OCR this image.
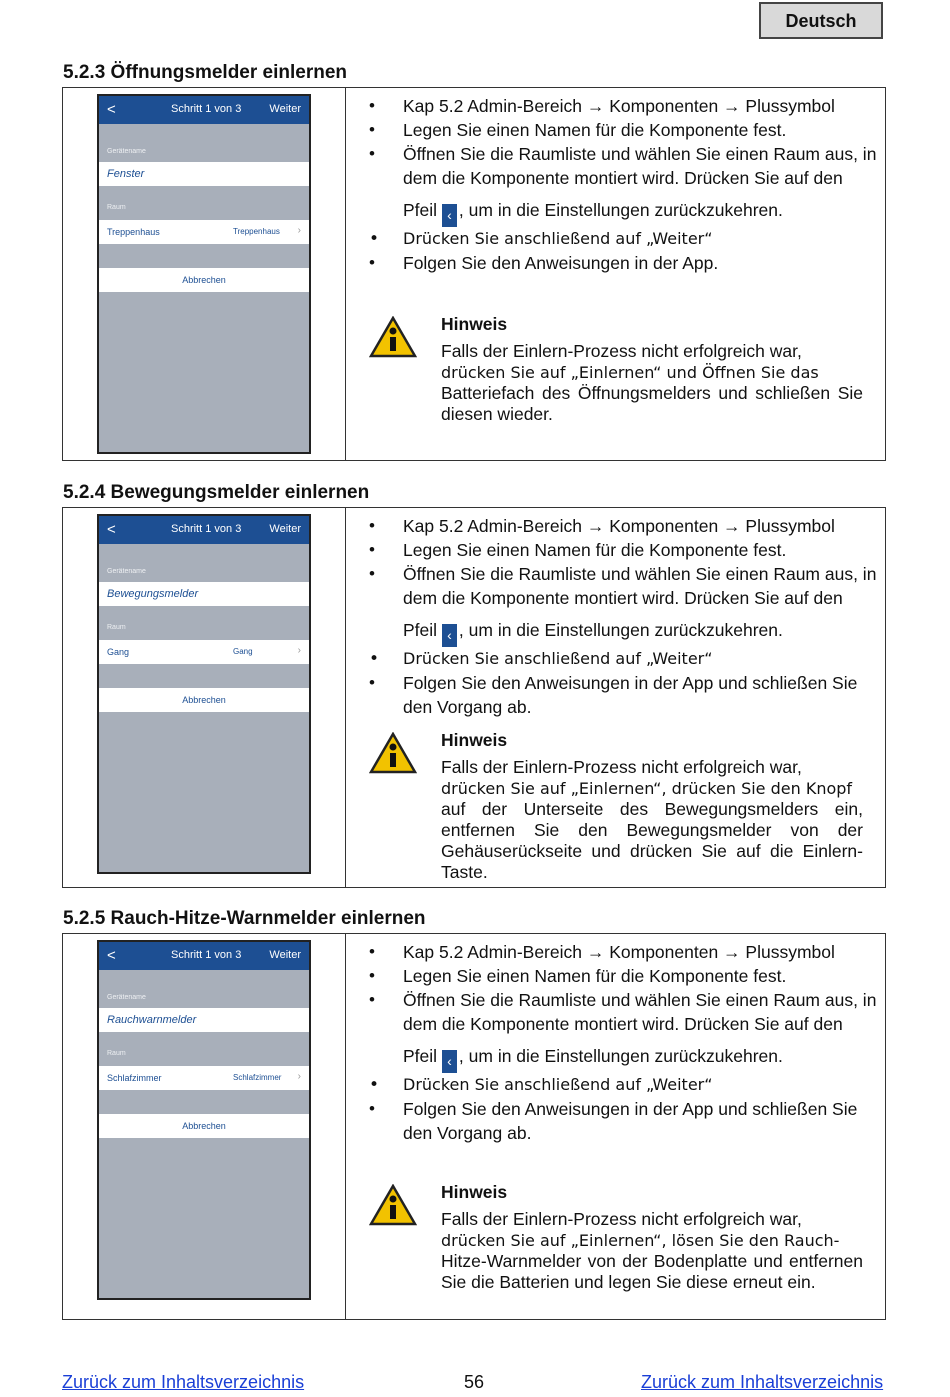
Deutsch
5.2.3 Öffnungsmelder einlernen
<	Schritt 1 von 3	Weiter
Gerätename
Fenster
Raum
Treppenhaus	Treppenhaus ›
Abbrechen
• Kap 5.2 Admin-Bereich → Komponenten → Plussymbol
• Legen Sie einen Namen für die Komponente fest.
• Öffnen Sie die Raumliste und wählen Sie einen Raum aus, in dem die Komponente montiert wird. Drücken Sie auf den
Pfeil ‹ , um in die Einstellungen zurückzukehren.
• Drücken Sie anschließend auf „Weiter“
• Folgen Sie den Anweisungen in der App.
Hinweis
Falls der Einlern-Prozess nicht erfolgreich war,
drücken Sie auf „Einlernen“ und Öffnen Sie das
Batteriefach des Öffnungsmelders und schließen Sie diesen wieder.
5.2.4 Bewegungsmelder einlernen
<	Schritt 1 von 3	Weiter
Gerätename
Bewegungsmelder
Raum
Gang	Gang	›
Abbrechen
• Kap 5.2 Admin-Bereich → Komponenten → Plussymbol
• Legen Sie einen Namen für die Komponente fest.
• Öffnen Sie die Raumliste und wählen Sie einen Raum aus, in dem die Komponente montiert wird. Drücken Sie auf den
Pfeil ‹ , um in die Einstellungen zurückzukehren.
• Drücken Sie anschließend auf „Weiter“
• Folgen Sie den Anweisungen in der App und schließen Sie den Vorgang ab.
Hinweis
Falls der Einlern-Prozess nicht erfolgreich war,
drücken Sie auf „Einlernen“, drücken Sie den Knopf
auf der Unterseite des Bewegungsmelders ein, entfernen Sie den Bewegungsmelder von der Gehäuserückseite und drücken Sie auf die Einlern-Taste.
5.2.5 Rauch-Hitze-Warnmelder einlernen
<	Schritt 1 von 3	Weiter
Gerätename
Rauchwarnmelder
Raum
Schlafzimmer	Schlafzimmer ›
Abbrechen
• Kap 5.2 Admin-Bereich → Komponenten → Plussymbol
• Legen Sie einen Namen für die Komponente fest.
• Öffnen Sie die Raumliste und wählen Sie einen Raum aus, in dem die Komponente montiert wird. Drücken Sie auf den
Pfeil ‹ , um in die Einstellungen zurückzukehren.
• Drücken Sie anschließend auf „Weiter“
• Folgen Sie den Anweisungen in der App und schließen Sie den Vorgang ab.
Hinweis
Falls der Einlern-Prozess nicht erfolgreich war,
drücken Sie auf „Einlernen“, lösen Sie den Rauch-
Hitze-Warnmelder von der Bodenplatte und entfernen Sie die Batterien und legen Sie diese erneut ein.
Zurück zum Inhaltsverzeichnis	56	Zurück zum Inhaltsverzeichnis
